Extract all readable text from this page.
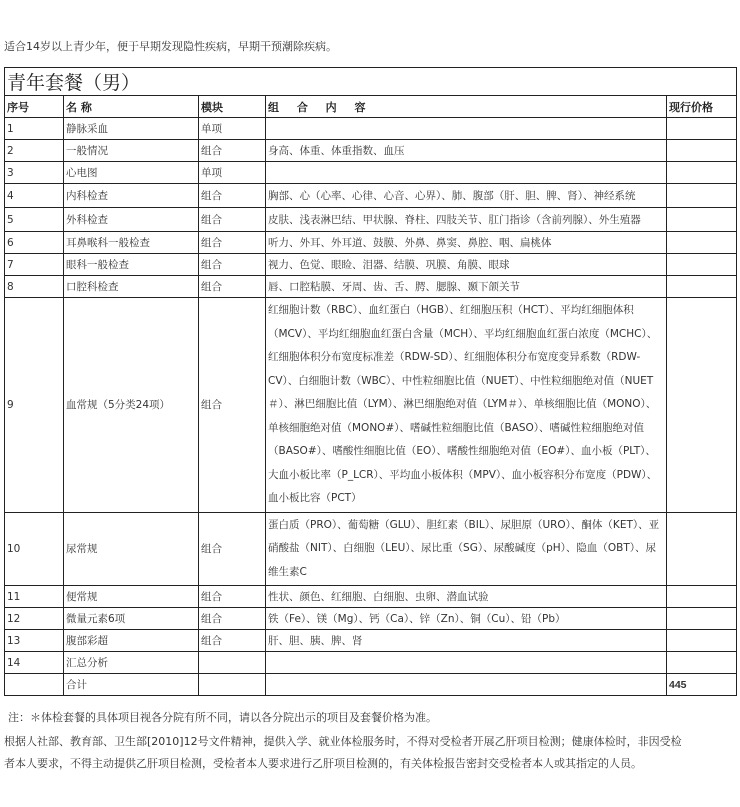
适合14岁以上青少年，便于早期发现隐性疾病，早期干预潮除疾病。
青年套餐（男）				
序号	名 称	模块	组 合 内 容	现行价格
1	静脉采血	单项		
2	一般情况	组合	身高、体重、体重指数、血压	
3	心电图	单项		
4	内科检查	组合	胸部、心（心率、心律、心音、心界）、肺、腹部（肝、胆、脾、肾）、神经系统	
5	外科检查	组合	皮肤、浅表淋巴结、甲状腺、脊柱、四肢关节、肛门指诊（含前列腺）、外生殖器	
6	耳鼻喉科一般检查	组合	听力、外耳、外耳道、鼓膜、外鼻、鼻窦、鼻腔、咽、扁桃体	
7	眼科一般检查	组合	视力、色觉、眼睑、泪器、结膜、巩膜、角膜、眼球	
8	口腔科检查	组合	唇、口腔粘膜、牙周、齿、舌、腭、腮腺、颞下颌关节	
9	血常规（5分类24项）	组合	红细胞计数（RBC）、血红蛋白（HGB）、红细胞压积（HCT）、平均红细胞体积（MCV）、平均红细胞血红蛋白含量（MCH）、平均红细胞血红蛋白浓度（MCHC）、红细胞体积分布宽度标准差（RDW-SD）、红细胞体积分布宽度变异系数（RDW-CV）、白细胞计数（WBC）、中性粒细胞比值（NUET）、中性粒细胞绝对值（NUET＃）、淋巴细胞比值（LYM）、淋巴细胞绝对值（LYM＃）、单核细胞比值（MONO）、单核细胞绝对值（MONO#）、嗜碱性粒细胞比值（BASO）、嗜碱性粒细胞绝对值（BASO#）、嗜酸性细胞比值（EO）、嗜酸性细胞绝对值（EO#）、血小板（PLT）、大血小板比率（P_LCR）、平均血小板体积（MPV）、血小板容积分布宽度（PDW）、血小板比容（PCT）	
10	尿常规	组合	蛋白质（PRO）、葡萄糖（GLU）、胆红素（BIL）、尿胆原（URO）、酮体（KET）、亚硝酸盐（NIT）、白细胞（LEU）、尿比重（SG）、尿酸碱度（pH）、隐血（OBT）、尿维生素C	
11	便常规	组合	性状、颜色、红细胞、白细胞、虫卵、潜血试验	
12	微量元素6项	组合	铁（Fe）、镁（Mg）、钙（Ca）、锌（Zn）、铜（Cu）、铅（Pb）	
13	腹部彩超	组合	肝、胆、胰、脾、肾	
14	汇总分析			
	合计			445
注：＊体检套餐的具体项目视各分院有所不同，请以各分院出示的项目及套餐价格为准。
根据人社部、教育部、卫生部[2010]12号文件精神，提供入学、就业体检服务时，不得对受检者开展乙肝项目检测；健康体检时，非因受检者本人要求，不得主动提供乙肝项目检测，受检者本人要求进行乙肝项目检测的，有关体检报告密封交受检者本人或其指定的人员。
